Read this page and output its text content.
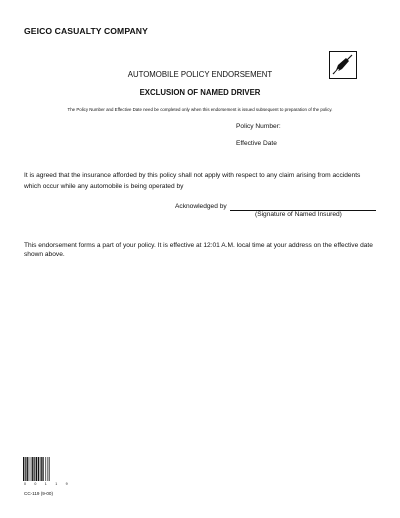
GEICO CASUALTY COMPANY
AUTOMOBILE POLICY ENDORSEMENT
EXCLUSION OF NAMED DRIVER
The Policy Number and Effective Date need be completed only when this endorsement is issued subsequent to preparation of the policy.
Policy Number:
Effective Date
It is agreed that the insurance afforded by this policy shall not apply with respect to any claim arising from accidents which occur while any automobile is being operated by
Acknowledged by
(Signature of Named Insured)
This endorsement forms a part of your policy. It is effective at 12:01 A.M. local time at your address on the effective date shown above.
0 0 1 1 9
CC-119 (9-00)
